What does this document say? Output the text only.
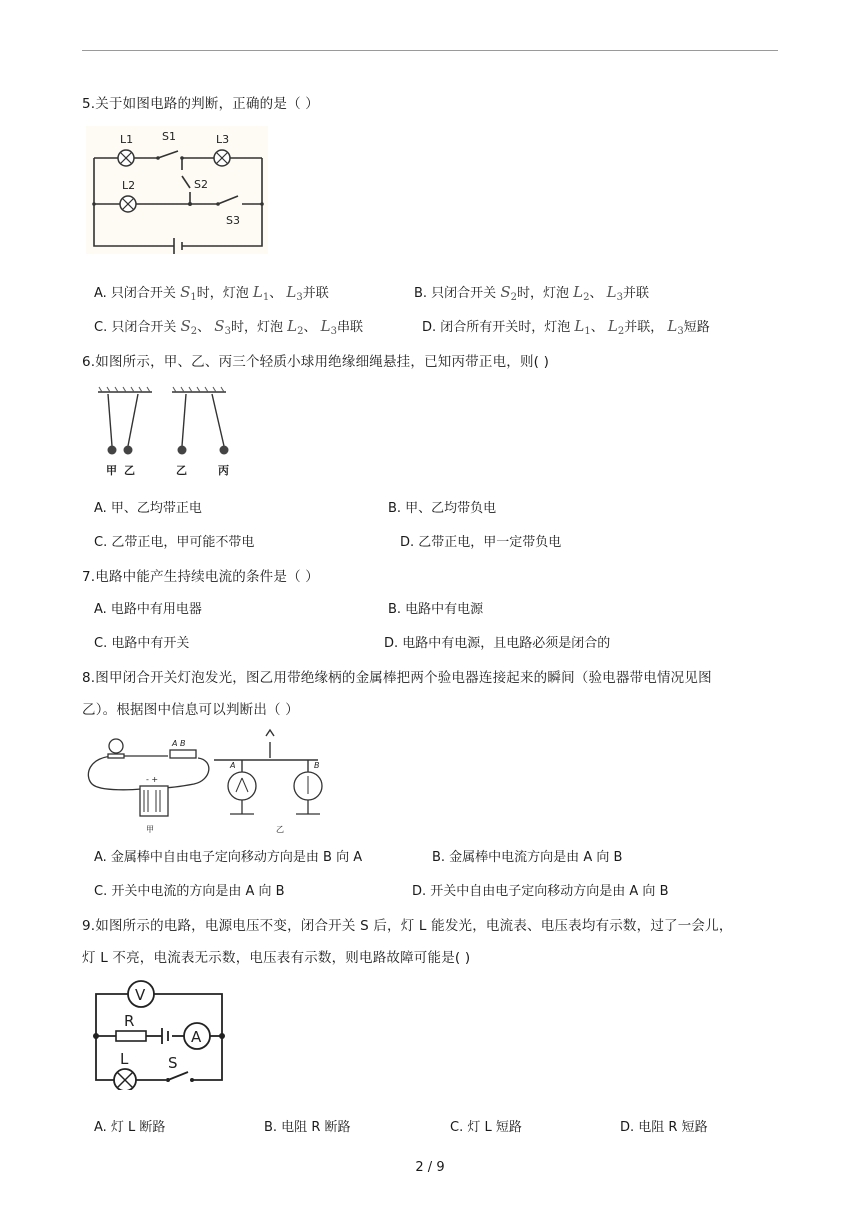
5.关于如图电路的判断，正确的是（ ）
L1	S1	L3
L2	S2
S3
A. 只闭合开关 $S_1$时，灯泡 $L_1$、 $L_3$并联	B. 只闭合开关 $S_2$时，灯泡 $L_2$、 $L_3$并联
C. 只闭合开关 $S_2$、 $S_3$时，灯泡 $L_2$、 $L_3$串联	D. 闭合所有开关时，灯泡 $L_1$、 $L_2$并联， $L_3$短路
6.如图所示，甲、乙、丙三个轻质小球用绝缘细绳悬挂，已知丙带正电，则( )
甲 乙	乙	丙
A. 甲、乙均带正电	B. 甲、乙均带负电
C. 乙带正电，甲可能不带电	D. 乙带正电，甲一定带负电
7.电路中能产生持续电流的条件是（ ）
A. 电路中有用电器	B. 电路中有电源
C. 电路中有开关	D. 电路中有电源，且电路必须是闭合的
8.图甲闭合开关灯泡发光，图乙用带绝缘柄的金属棒把两个验电器连接起来的瞬间（验电器带电情况见图
乙）。根据图中信息可以判断出（ ）
A B
- +
甲
A	B
乙
A. 金属棒中自由电子定向移动方向是由 B 向 A	B. 金属棒中电流方向是由 A 向 B
C. 开关中电流的方向是由 A 向 B	D. 开关中自由电子定向移动方向是由 A 向 B
9.如图所示的电路，电源电压不变，闭合开关 S 后，灯 L 能发光，电流表、电压表均有示数，过了一会儿，
灯 L 不亮，电流表无示数，电压表有示数，则电路故障可能是( )
V
A
R
L	S
A. 灯 L 断路	B. 电阻 R 断路	C. 灯 L 短路	D. 电阻 R 短路
2 / 9
